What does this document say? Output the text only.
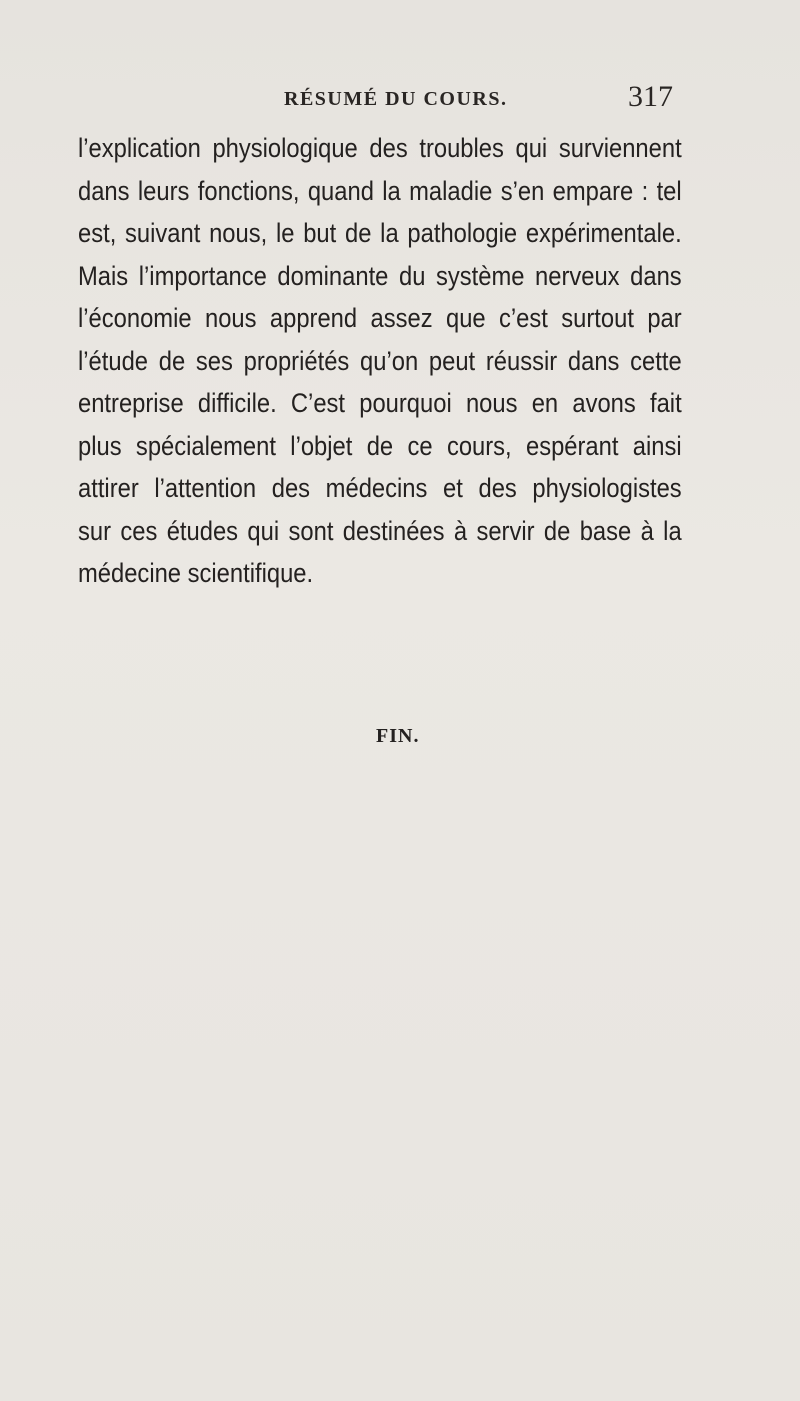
RÉSUMÉ DU COURS.	317
l’explication physiologique des troubles qui surviennent
dans leurs fonctions, quand la maladie s’en empare : tel
est, suivant nous, le but de la pathologie expérimentale.
Mais l’importance dominante du système nerveux dans
l’économie nous apprend assez que c’est surtout par
l’étude de ses propriétés qu’on peut réussir dans cette
entreprise difficile. C’est pourquoi nous en avons fait
plus spécialement l’objet de ce cours, espérant ainsi
attirer l’attention des médecins et des physiologistes
sur ces études qui sont destinées à servir de base à la
médecine scientifique.
FIN.
